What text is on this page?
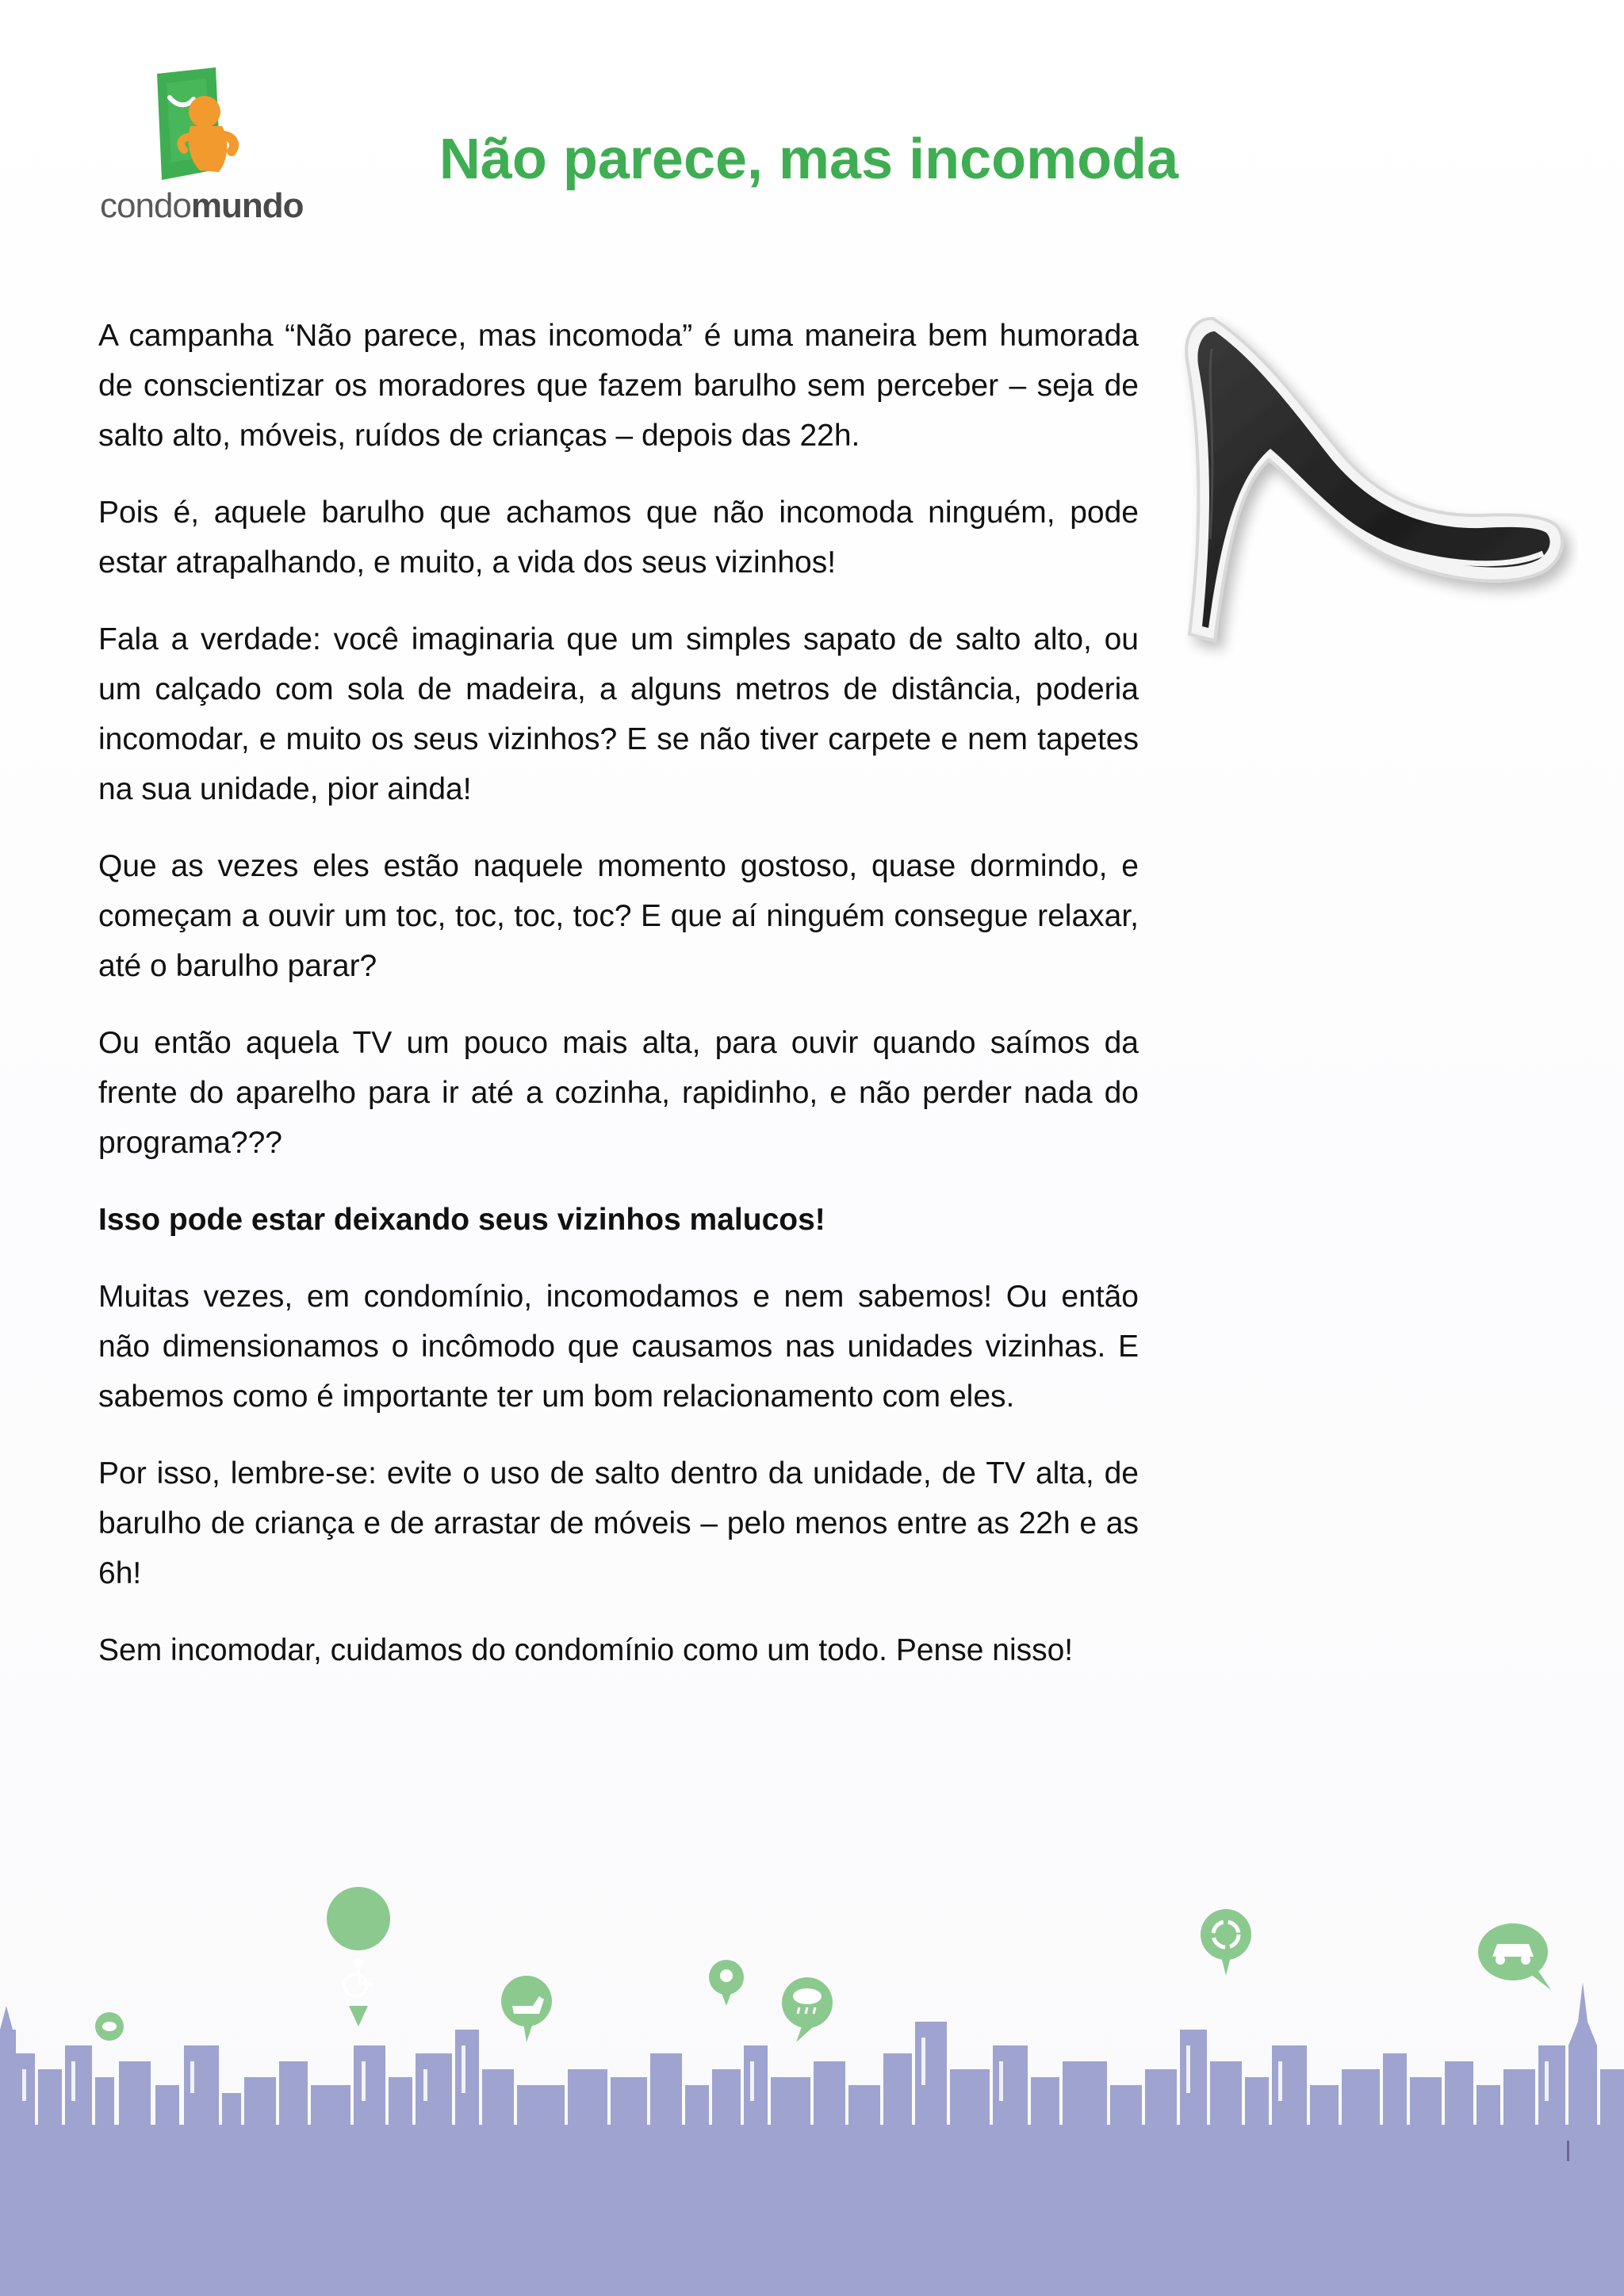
condomundo
Não parece, mas incomoda

A campanha “Não parece, mas incomoda” é uma maneira bem humorada de conscientizar os moradores que fazem barulho sem perceber – seja de salto alto, móveis, ruídos de crianças – depois das 22h.

Pois é, aquele barulho que achamos que não incomoda ninguém, pode estar atrapalhando, e muito, a vida dos seus vizinhos!

Fala a verdade: você imaginaria que um simples sapato de salto alto, ou um calçado com sola de madeira, a alguns metros de distância, poderia incomodar, e muito os seus vizinhos? E se não tiver carpete e nem tapetes na sua unidade, pior ainda!

Que as vezes eles estão naquele momento gostoso, quase dormindo, e começam a ouvir um toc, toc, toc, toc? E que aí ninguém consegue relaxar, até o barulho parar?

Ou então aquela TV um pouco mais alta, para ouvir quando saímos da frente do aparelho para ir até a cozinha, rapidinho, e não perder nada do programa???

Isso pode estar deixando seus vizinhos malucos!

Muitas vezes, em condomínio, incomodamos e nem sabemos! Ou então não dimensionamos o incômodo que causamos nas unidades vizinhas. E sabemos como é importante ter um bom relacionamento com eles.

Por isso, lembre-se: evite o uso de salto dentro da unidade, de TV alta, de barulho de criança e de arrastar de móveis – pelo menos entre as 22h e as 6h!

Sem incomodar, cuidamos do condomínio como um todo. Pense nisso!
